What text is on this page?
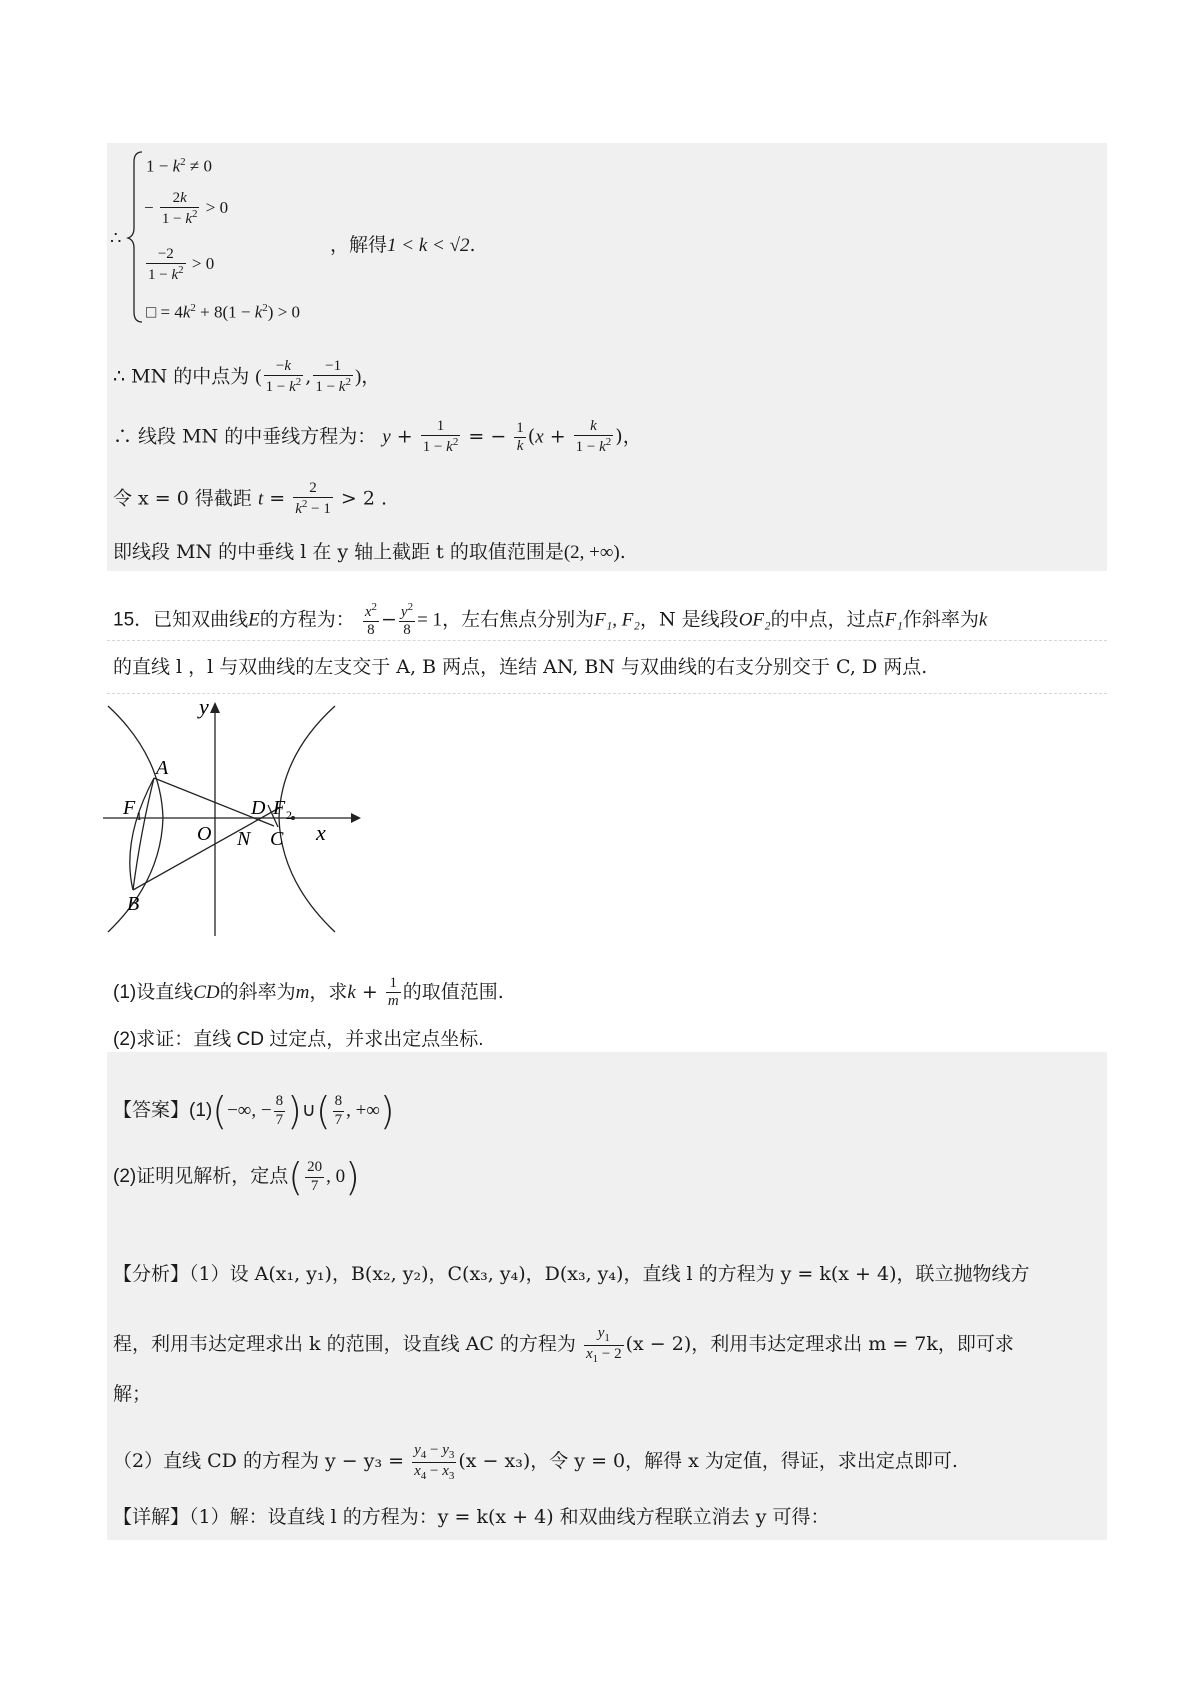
∴
$1 - k^2 \ne 0$
− $\frac{2k}{1 - k^2} > 0$
$\frac{-2}{1 - k^2} > 0$
□ = $4k^2 + 8(1 - k^2) > 0$
，解得1 < k < √2.
∴ MN 的中点为 ( $\frac{-k}{1 - k^2}$ , $\frac{-1}{1 - k^2}$ )，
∴ 线段 MN 的中垂线方程为： $y + \frac{1}{1 - k^2}$ = − $\frac{1}{k} (x + \frac{k}{1 - k^2}$ )，
令 x = 0 得截距 $t = \frac{2}{k^2 - 1} > 2$ .
即线段 MN 的中垂线 l 在 y 轴上截距 t 的取值范围是(2, +∞).
15．已知双曲线E的方程为： $\frac{x^2}{8} - \frac{y^2}{8} = 1$，左右焦点分别为F₁, F₂，N 是线段OF₂的中点，过点F₁作斜率为k
的直线 l ，l 与双曲线的左支交于 A, B 两点，连结 AN, BN 与双曲线的右支分别交于 C, D 两点.
y
x
A
B
C
D
O N
F 1	F 2
(1)设直线CD的斜率为m，求$k + \frac{1}{m}$ 的取值范围.
(2)求证：直线 CD 过定点，并求出定点坐标.
【答案】(1)(−∞, − $\frac{8}{7}$ )∪( $\frac{8}{7}$ , +∞)
(2)证明见解析，定点( $\frac{20}{7}$ , 0)
【分析】（1）设 A(x₁, y₁)，B(x₂, y₂)，C(x₃, y₄)，D(x₃, y₄)，直线 l 的方程为 y = k(x + 4)，联立抛物线方
程，利用韦达定理求出 k 的范围，设直线 AC 的方程为 $\frac{y_1}{x_1 - 2} (x - 2)$，利用韦达定理求出 m = 7k，即可求
解；
（2）直线 CD 的方程为 $y - y_3 = \frac{y_4 - y_3}{x_4 - x_3} (x - x_3)$，令 y = 0，解得 x 为定值，得证，求出定点即可.
【详解】（1）解：设直线 l 的方程为：y = k(x + 4) 和双曲线方程联立消去 y 可得：
